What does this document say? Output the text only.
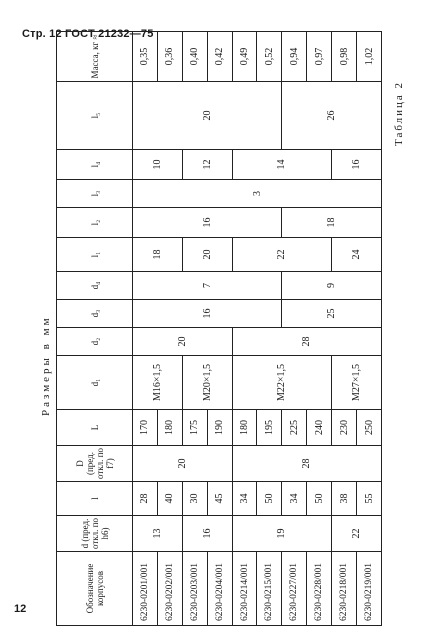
Стр. 12 ГОСТ 21232—75
Таблица 2
Размеры в мм
Обозначение корпусов	d (пред. откл. по h6)	l	D (пред. откл. по f7)	L	d₁	d₂	d₃	d₄	l₁	l₂	l₃	l₄	l₅	Масса, кг ≈
6230-0201/001	13	28	20	170	M16×1,5	20	16	7	18	16	3	10	20	0,35
6230-0202/001		40		180										0,36
6230-0203/001	16	30		175	M20×1,5				20			12		0,40
6230-0204/001		45		190										0,42
6230-0214/001	19	34	28	180	M22×1,5	28			22			14		0,49
6230-0215/001		50		195										0,52
6230-0227/001		34		225			25	9		18			26	0,94
6230-0228/001		50		240										0,97
6230-0218/001	22	38		230	M27×1,5				24			16		0,98
6230-0219/001		55		250										1,02
12
